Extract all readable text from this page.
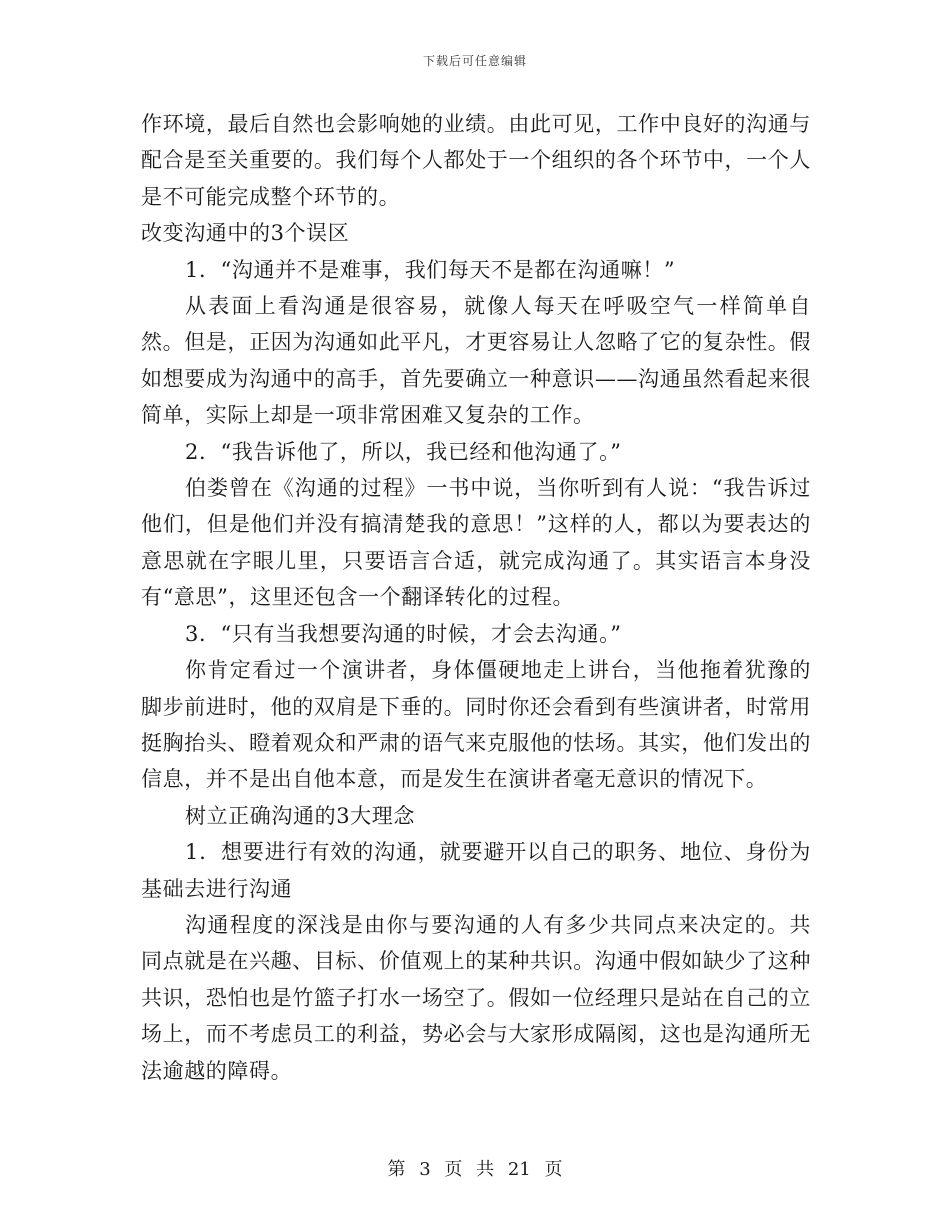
下载后可任意编辑

作环境，最后自然也会影响她的业绩。由此可见，工作中良好的沟通与配合是至关重要的。我们每个人都处于一个组织的各个环节中，一个人是不可能完成整个环节的。

改变沟通中的3个误区

1．“沟通并不是难事，我们每天不是都在沟通嘛！”

从表面上看沟通是很容易，就像人每天在呼吸空气一样简单自然。但是，正因为沟通如此平凡，才更容易让人忽略了它的复杂性。假如想要成为沟通中的高手，首先要确立一种意识——沟通虽然看起来很简单，实际上却是一项非常困难又复杂的工作。

2．“我告诉他了，所以，我已经和他沟通了。”

伯娄曾在《沟通的过程》一书中说，当你听到有人说：“我告诉过他们，但是他们并没有搞清楚我的意思！”这样的人，都以为要表达的意思就在字眼儿里，只要语言合适，就完成沟通了。其实语言本身没有“意思”，这里还包含一个翻译转化的过程。

3．“只有当我想要沟通的时候，才会去沟通。”

你肯定看过一个演讲者，身体僵硬地走上讲台，当他拖着犹豫的脚步前进时，他的双肩是下垂的。同时你还会看到有些演讲者，时常用挺胸抬头、瞪着观众和严肃的语气来克服他的怯场。其实，他们发出的信息，并不是出自他本意，而是发生在演讲者毫无意识的情况下。

树立正确沟通的3大理念

1．想要进行有效的沟通，就要避开以自己的职务、地位、身份为基础去进行沟通

沟通程度的深浅是由你与要沟通的人有多少共同点来决定的。共同点就是在兴趣、目标、价值观上的某种共识。沟通中假如缺少了这种共识，恐怕也是竹篮子打水一场空了。假如一位经理只是站在自己的立场上，而不考虑员工的利益，势必会与大家形成隔阂，这也是沟通所无法逾越的障碍。

第 3 页 共 21 页
